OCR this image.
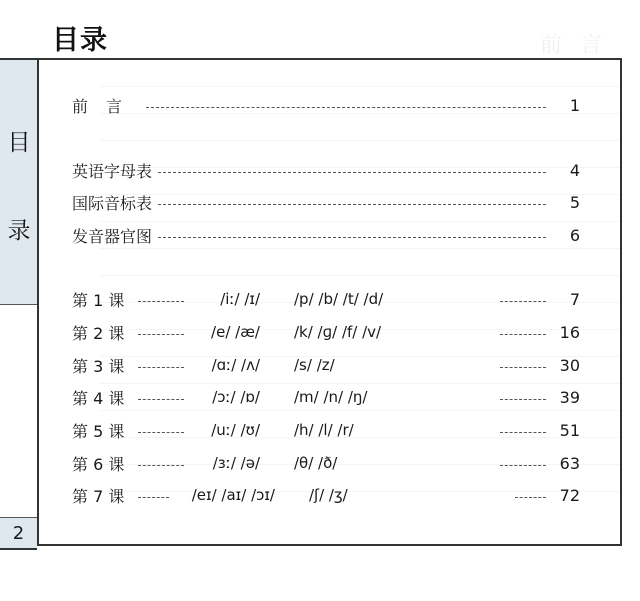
前言
目录
目
录
2
前言	1
英语字母表	4
国际音标表	5
发音器官图	6
第 1 课	/iː/ /ɪ/ /p/ /b/ /t/ /d/	7
第 2 课	/e/ /æ/ /k/ /ɡ/ /f/ /v/	16
第 3 课	/ɑː/ /ʌ/ /s/ /z/	30
第 4 课	/ɔː/ /ɒ/ /m/ /n/ /ŋ/	39
第 5 课	/uː/ /ʊ/ /h/ /l/ /r/	51
第 6 课	/ɜː/ /ə/ /θ/ /ð/	63
第 7 课	/eɪ/ /aɪ/ /ɔɪ/ /ʃ/ /ʒ/	72
